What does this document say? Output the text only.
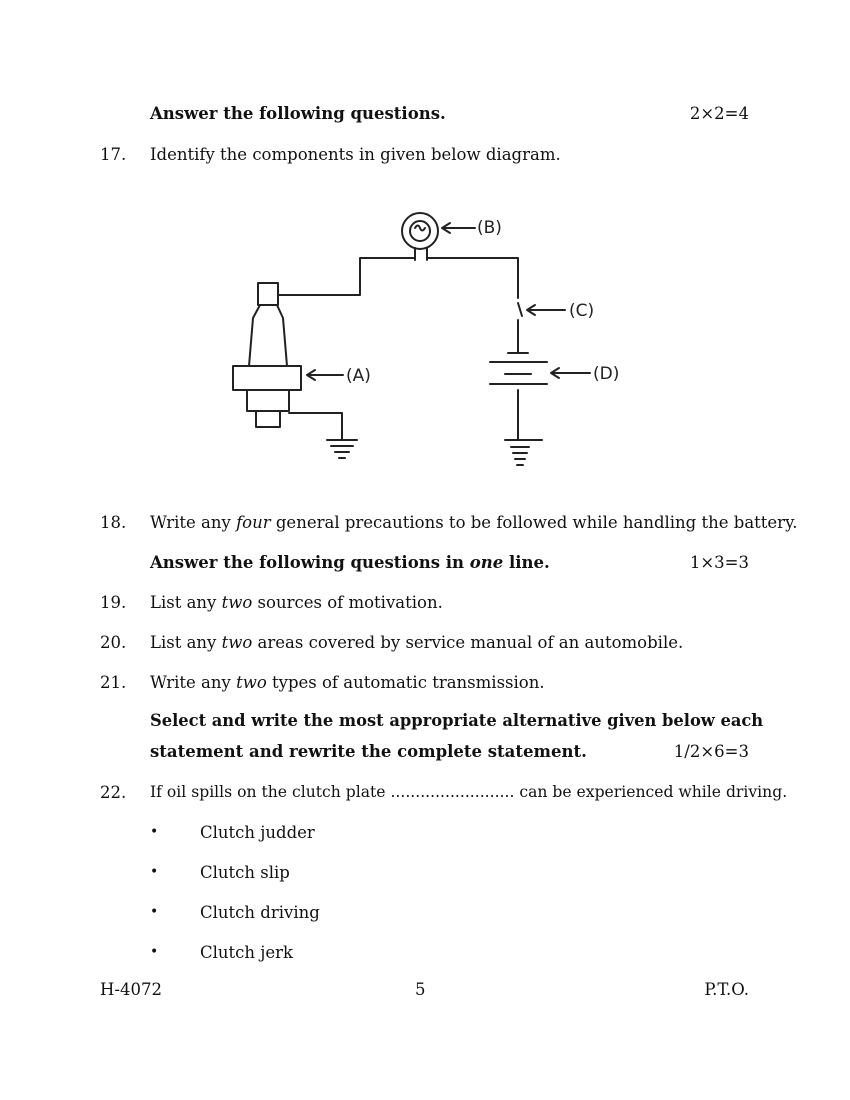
Answer the following questions.	2×2=4
17. Identify the components in given below diagram.
(A)
(B)
(C)
(D)
18. Write any four general precautions to be followed while handling the battery.
Answer the following questions in one line.	1×3=3
19. List any two sources of motivation.
20. List any two areas covered by service manual of an automobile.
21. Write any two types of automatic transmission.
Select and write the most appropriate alternative given below each
statement and rewrite the complete statement.	1/2×6=3
22. If oil spills on the clutch plate ......................... can be experienced while driving.
•	Clutch judder
•	Clutch slip
•	Clutch driving
•	Clutch jerk
H-4072	5	P.T.O.
